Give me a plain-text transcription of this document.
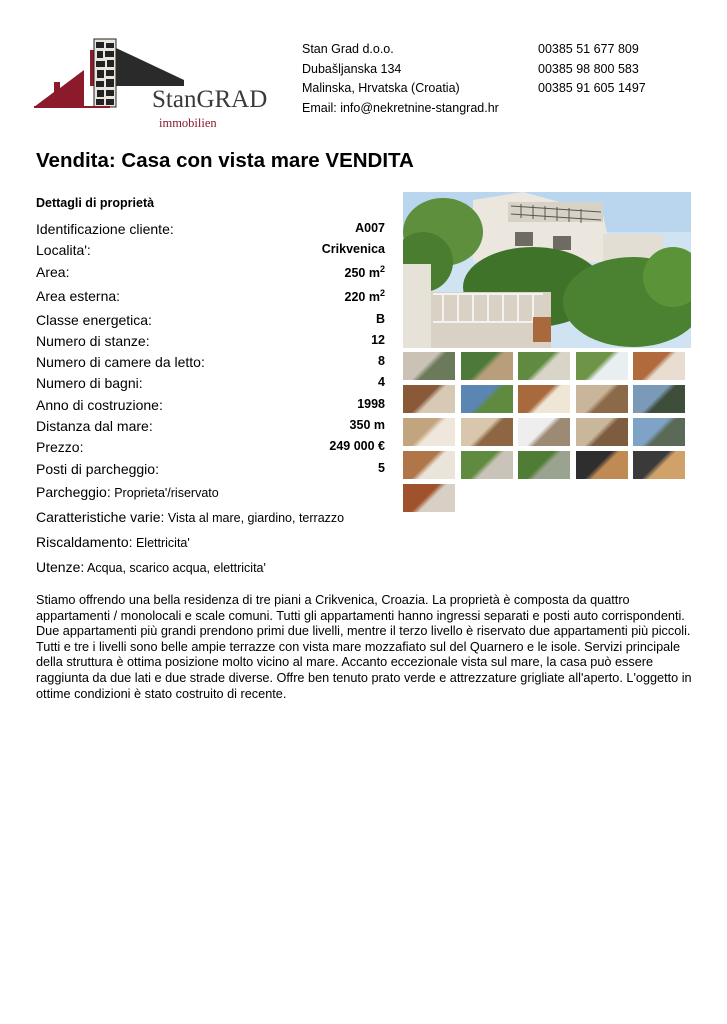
StanGRAD
immobilien
Stan Grad d.o.o.
Dubašljanska 134
Malinska, Hrvatska (Croatia)
Email: info@nekretnine-stangrad.hr
00385 51 677 809
00385 98 800 583
00385 91 605 1497
Vendita: Casa con vista mare VENDITA
Dettagli di proprietà
Identificazione cliente:	A007
Localita':	Crikvenica
Area:	250 $m^2$
Area esterna:	220 $m^2$
Classe energetica:	B
Numero di stanze:	12
Numero di camere da letto:	8
Numero di bagni:	4
Anno di costruzione:	1998
Distanza dal mare:	350 m
Prezzo:	249 000 €
Posti di parcheggio:	5
Parcheggio: Proprieta'/riservato
Caratteristiche varie: Vista al mare, giardino, terrazzo
Riscaldamento: Elettricita'
Utenze: Acqua, scarico acqua, elettricita'
Stiamo offrendo una bella residenza di tre piani a Crikvenica, Croazia. La proprietà è composta da quattro appartamenti / monolocali e scale comuni. Tutti gli appartamenti hanno ingressi separati e posti auto corrispondenti. Due appartamenti più grandi prendono primi due livelli, mentre il terzo livello è riservato due appartamenti più piccoli. Tutti e tre i livelli sono belle ampie terrazze con vista mare mozzafiato sul del Quarnero e le isole. Servizi principale della struttura è ottima posizione molto vicino al mare. Accanto eccezionale vista sul mare, la casa può essere raggiunta da due lati e due strade diverse. Offre ben tenuto prato verde e attrezzature grigliate all'aperto. L'oggetto in ottime condizioni è stato costruito di recente.
